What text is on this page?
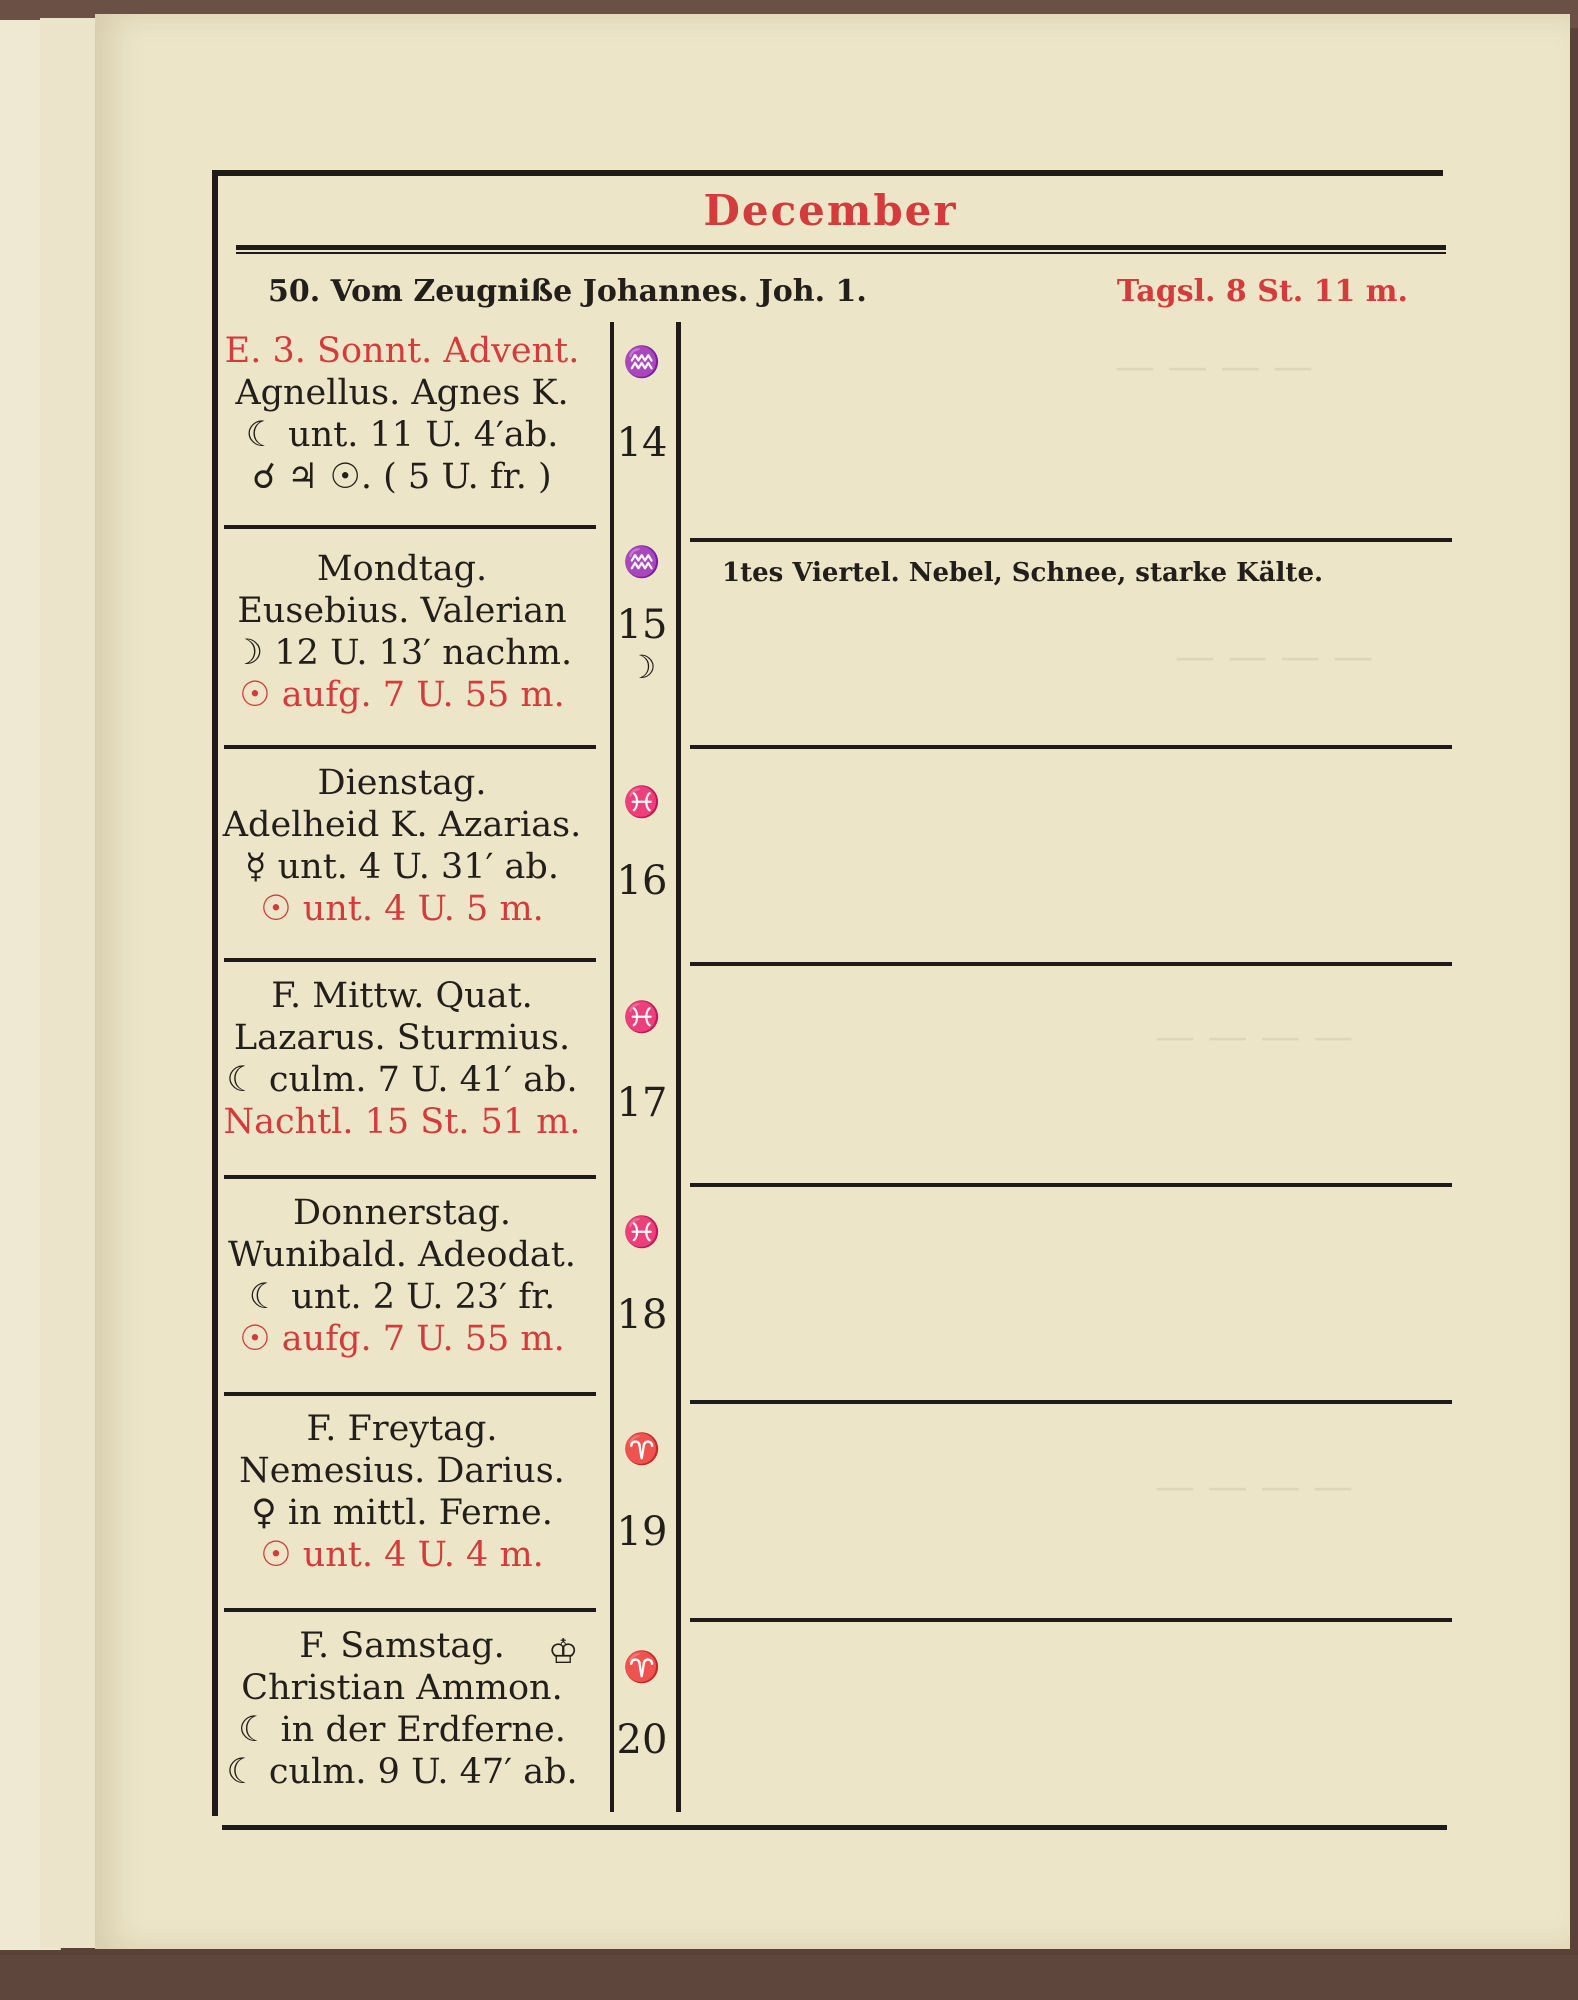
— — — —
— — — —
— — — —
— — — —
December
50. Vom Zeugniße Johannes. Joh. 1.	Tagsl. 8 St. 11 m.
E. 3. Sonnt. Advent.
Agnellus. Agnes K.
☾ unt. 11 U. 4′ab.
☌ ♃ ☉. ( 5 U. fr. )
♒
14
Mondtag.
Eusebius. Valerian
☽ 12 U. 13′ nachm.
☉ aufg. 7 U. 55 m.
♒
15
☽
1tes Viertel. Nebel, Schnee, starke Kälte.
Dienstag.
Adelheid K. Azarias.
☿ unt. 4 U. 31′ ab.
☉ unt. 4 U. 5 m.
♓
16
F. Mittw. Quat.
Lazarus. Sturmius.
☾ culm. 7 U. 41′ ab.
Nachtl. 15 St. 51 m.
♓
17
Donnerstag.
Wunibald. Adeodat.
☾ unt. 2 U. 23′ fr.
☉ aufg. 7 U. 55 m.
♓
18
F. Freytag.
Nemesius. Darius.
♀ in mittl. Ferne.
☉ unt. 4 U. 4 m.
♈
19
F. Samstag.
Christian Ammon.
☾ in der Erdferne.
☾ culm. 9 U. 47′ ab.
♔	♈
20
